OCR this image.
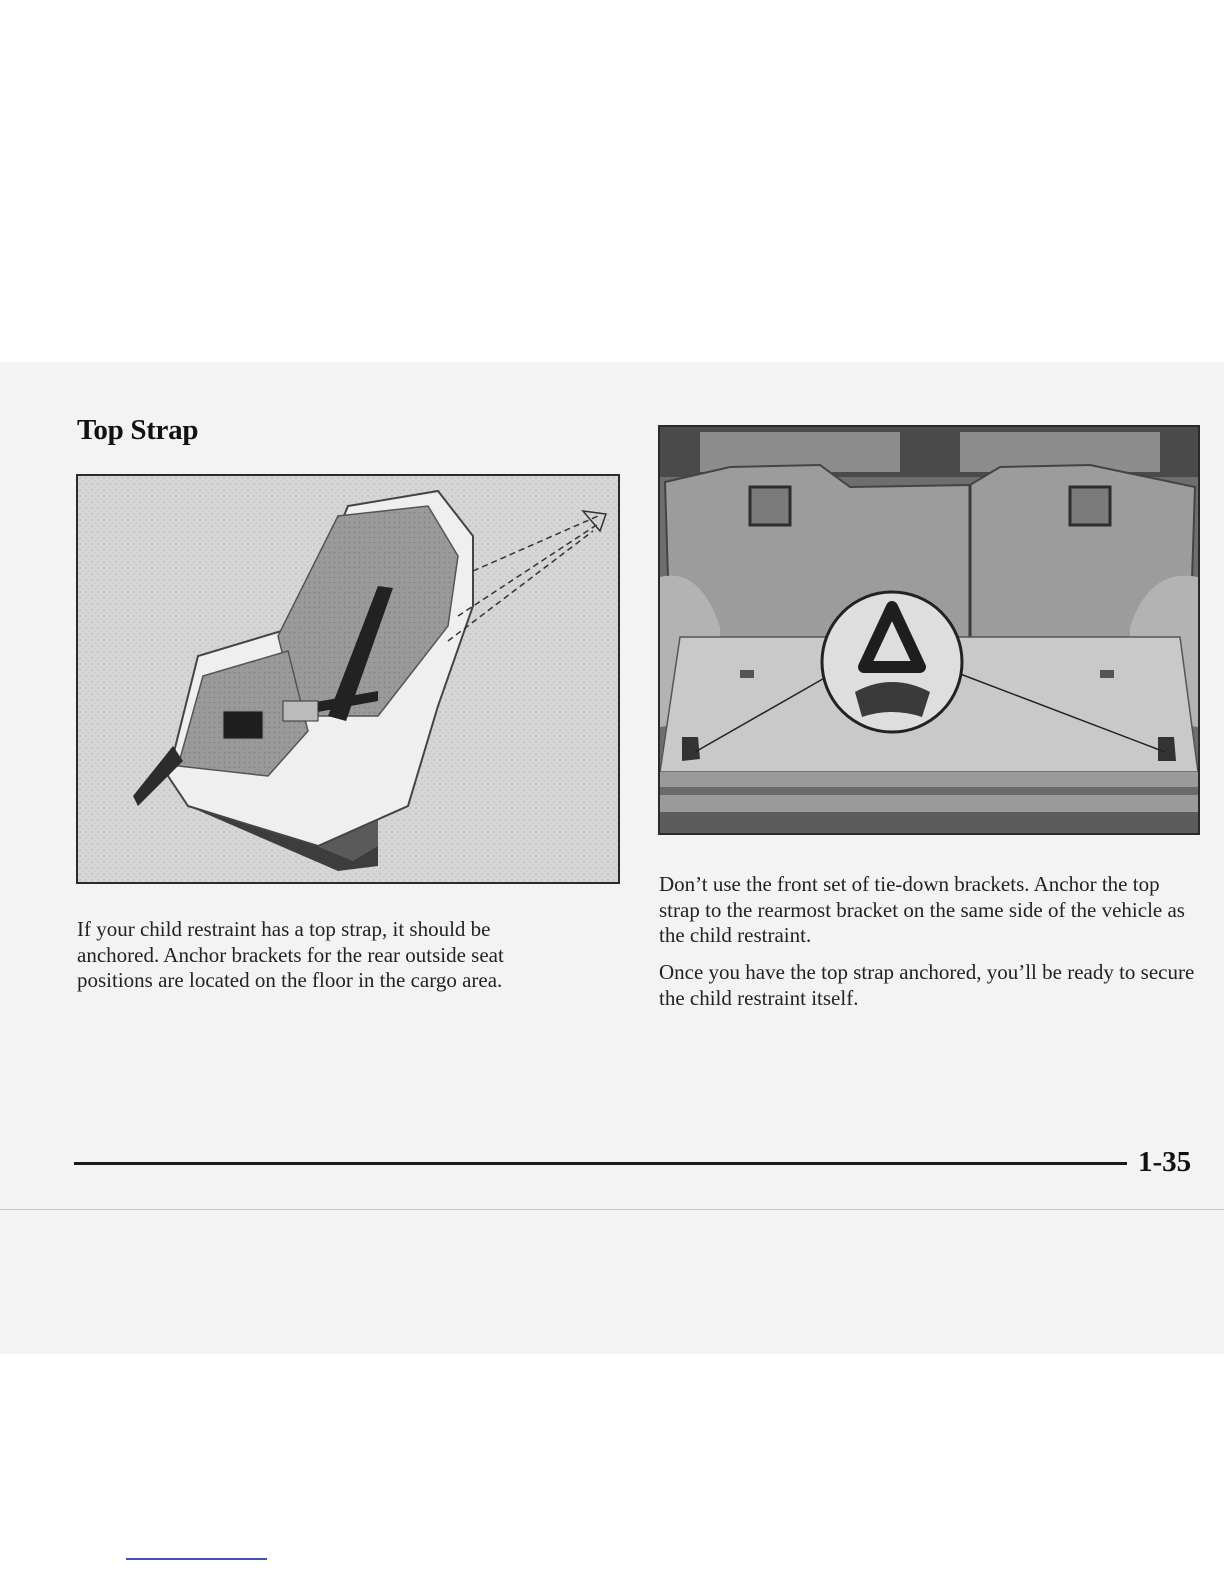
Top Strap

If your child restraint has a top strap, it should be anchored. Anchor brackets for the rear outside seat positions are located on the floor in the cargo area.

Don’t use the front set of tie-down brackets. Anchor the top strap to the rearmost bracket on the same side of the vehicle as the child restraint.

Once you have the top strap anchored, you’ll be ready to secure the child restraint itself.

1-35
